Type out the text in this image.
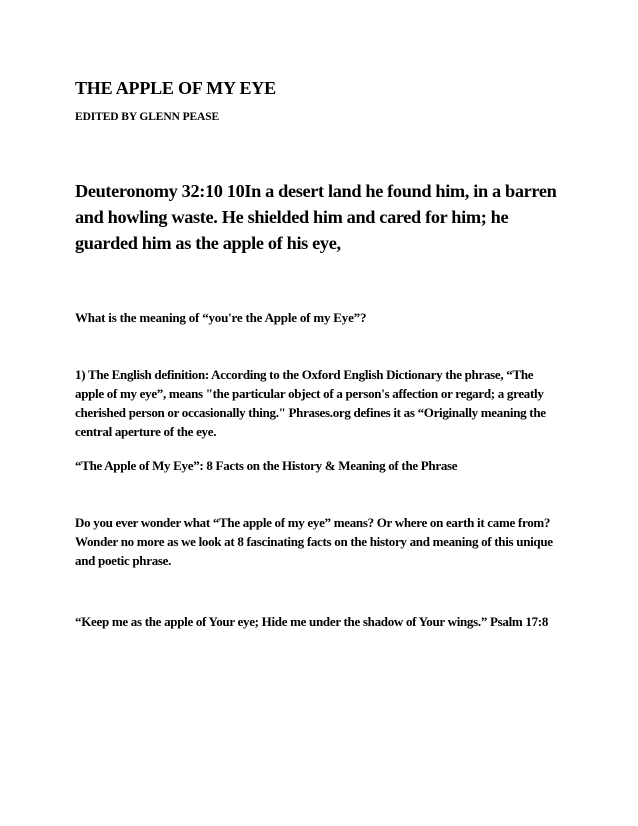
THE APPLE OF MY EYE
EDITED BY GLENN PEASE

Deuteronomy 32:10 10In a desert land he found him, in a barren and howling waste. He shielded him and cared for him; he guarded him as the apple of his eye,

What is the meaning of “you're the Apple of my Eye”?

1) The English definition: According to the Oxford English Dictionary the phrase, “The apple of my eye”, means "the particular object of a person's affection or regard; a greatly cherished person or occasionally thing." Phrases.org defines it as “Originally meaning the central aperture of the eye.

“The Apple of My Eye”: 8 Facts on the History & Meaning of the Phrase

Do you ever wonder what “The apple of my eye” means? Or where on earth it came from? Wonder no more as we look at 8 fascinating facts on the history and meaning of this unique and poetic phrase.

“Keep me as the apple of Your eye; Hide me under the shadow of Your wings.” Psalm 17:8
